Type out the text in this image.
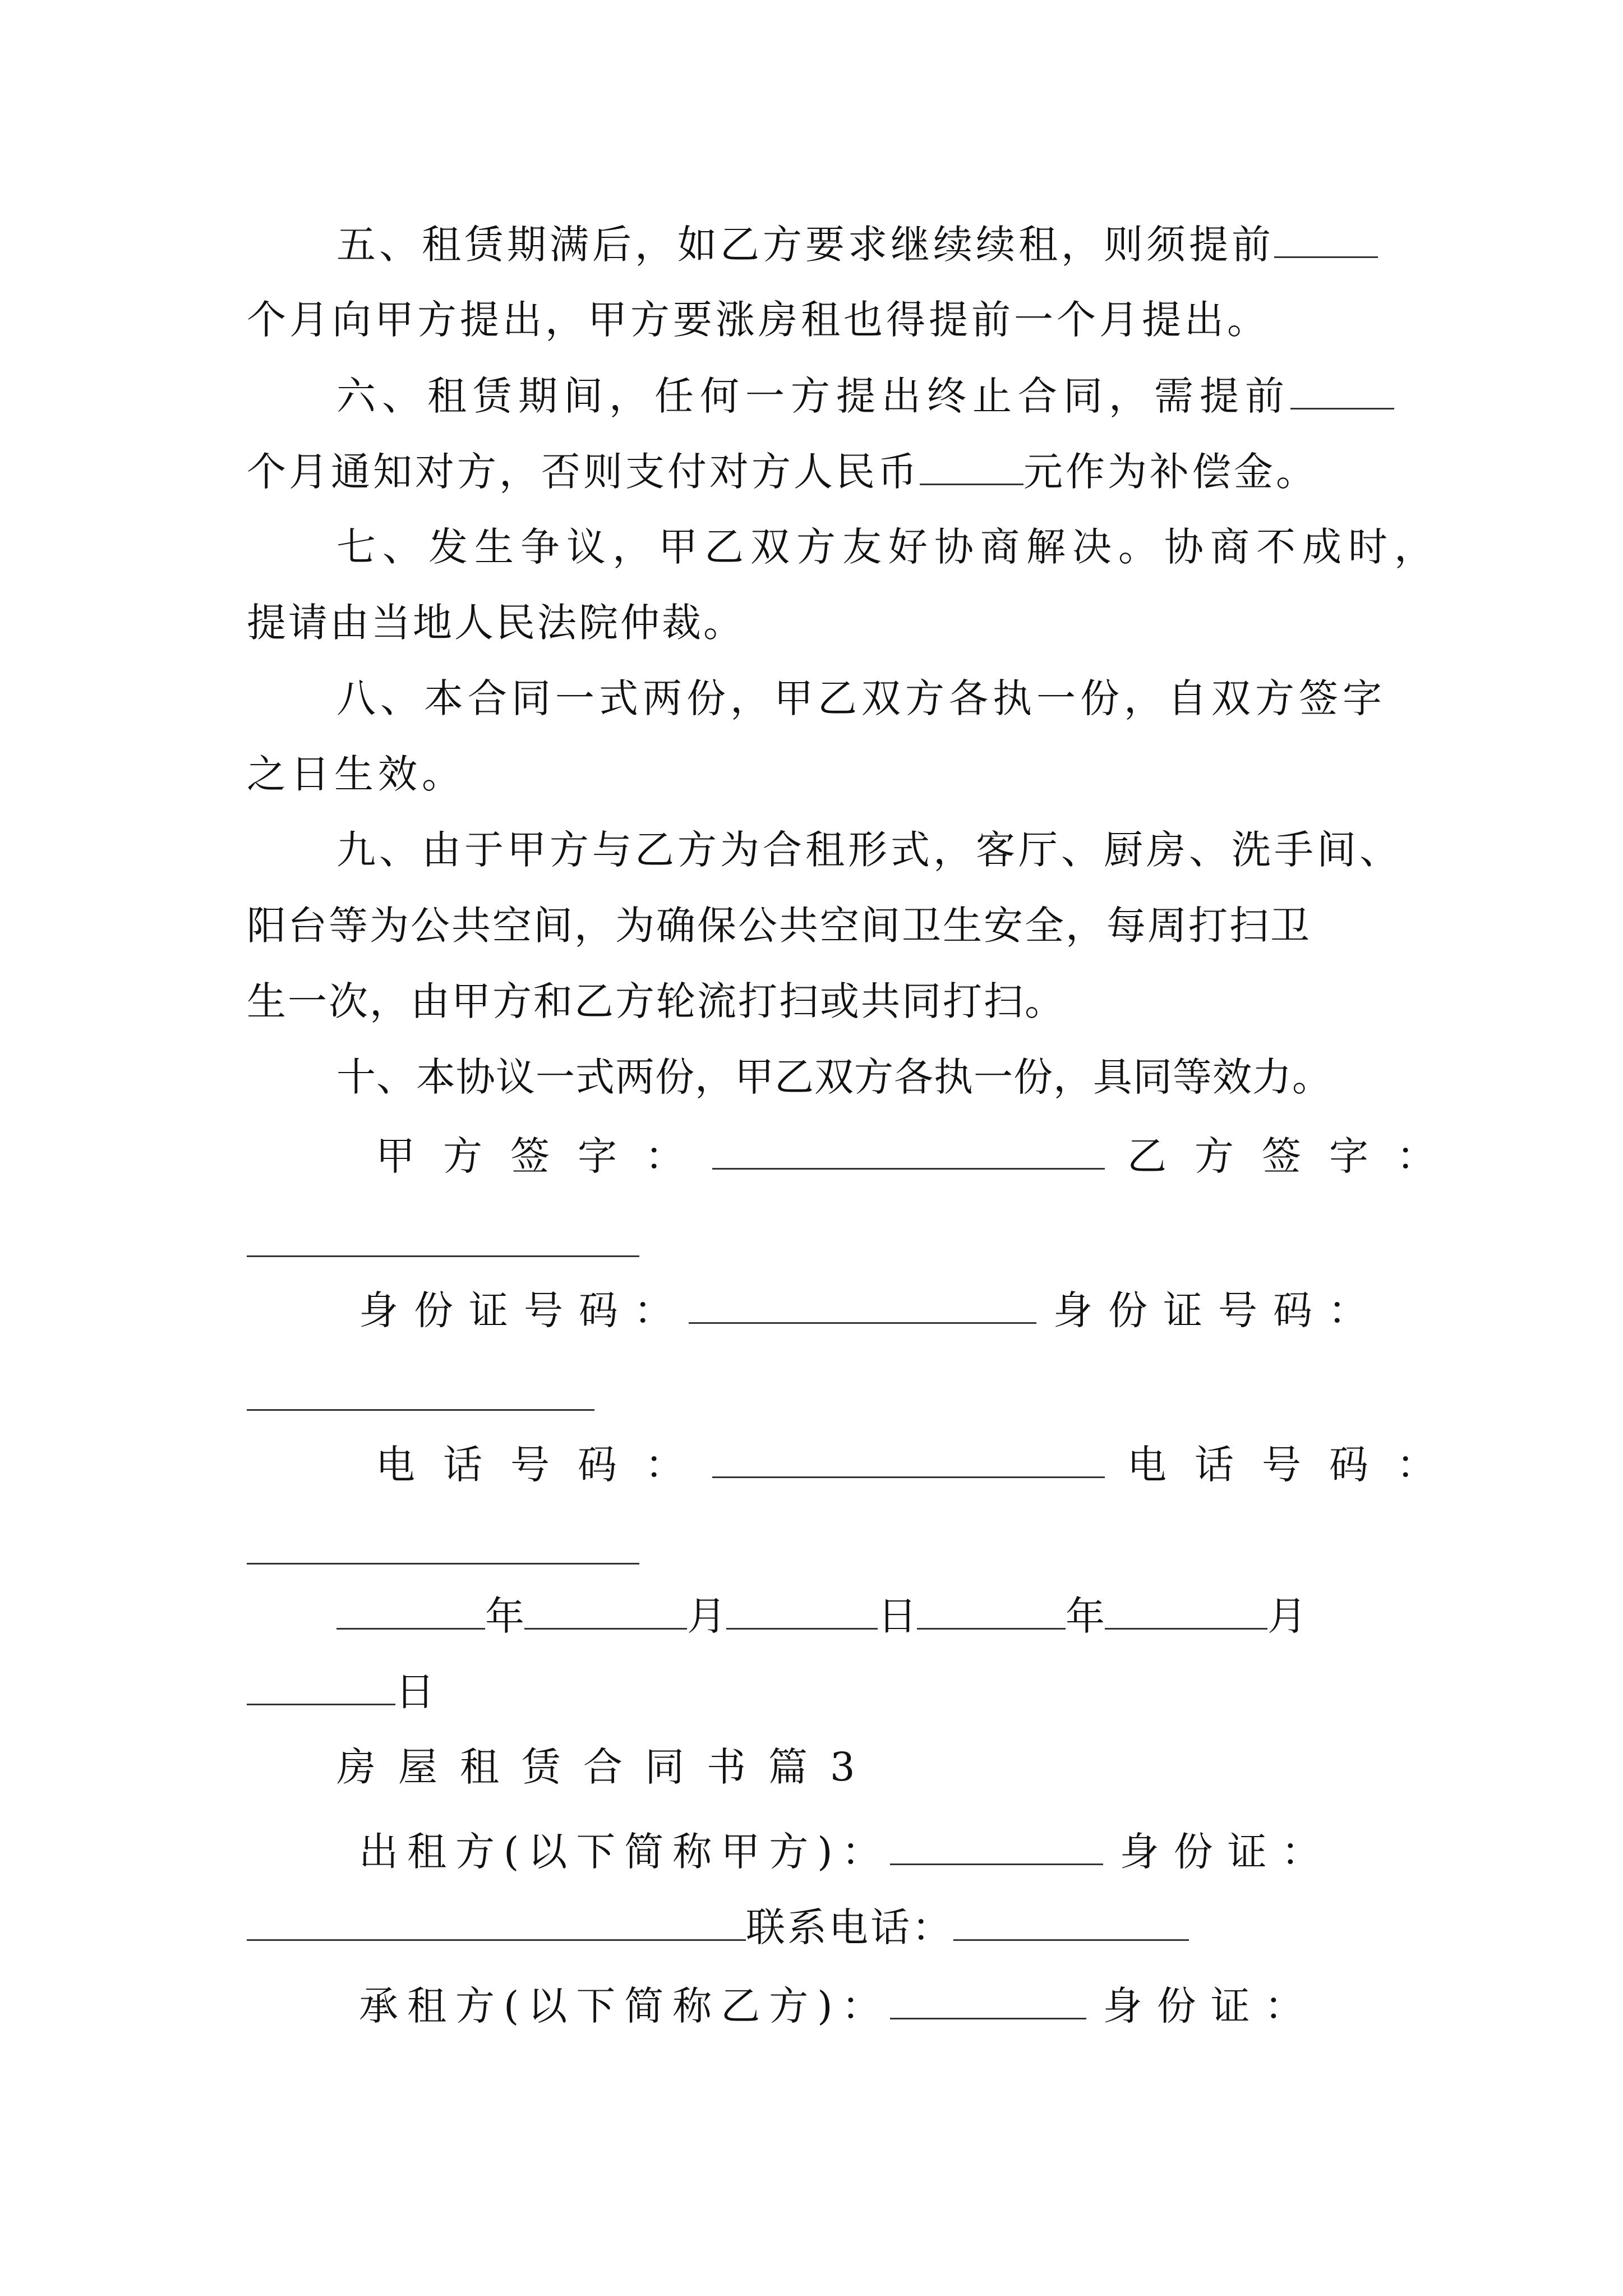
五、租赁期满后，如乙方要求继续续租，则须提前
个月向甲方提出，甲方要涨房租也得提前一个月提出。
六、租赁期间，任何一方提出终止合同，需提前
个月通知对方，否则支付对方人民币	元作为补偿金。
七、发生争议，甲乙双方友好协商解决。协商不成时，
提请由当地人民法院仲裁。
八、本合同一式两份，甲乙双方各执一份，自双方签字
之日生效。
九、由于甲方与乙方为合租形式，客厅、厨房、洗手间、
阳台等为公共空间，为确保公共空间卫生安全，每周打扫卫
生一次，由甲方和乙方轮流打扫或共同打扫。
十、本协议一式两份，甲乙双方各执一份，具同等效力。
甲方签字：	乙方签字：
身份证号码：	身份证号码：
电话号码：	电话号码：
年	月	日	年	月
日
房屋租赁合同书篇3
出租方(以下简称甲方)：	身份证：
联系电话：
承租方(以下简称乙方)：	身份证：
